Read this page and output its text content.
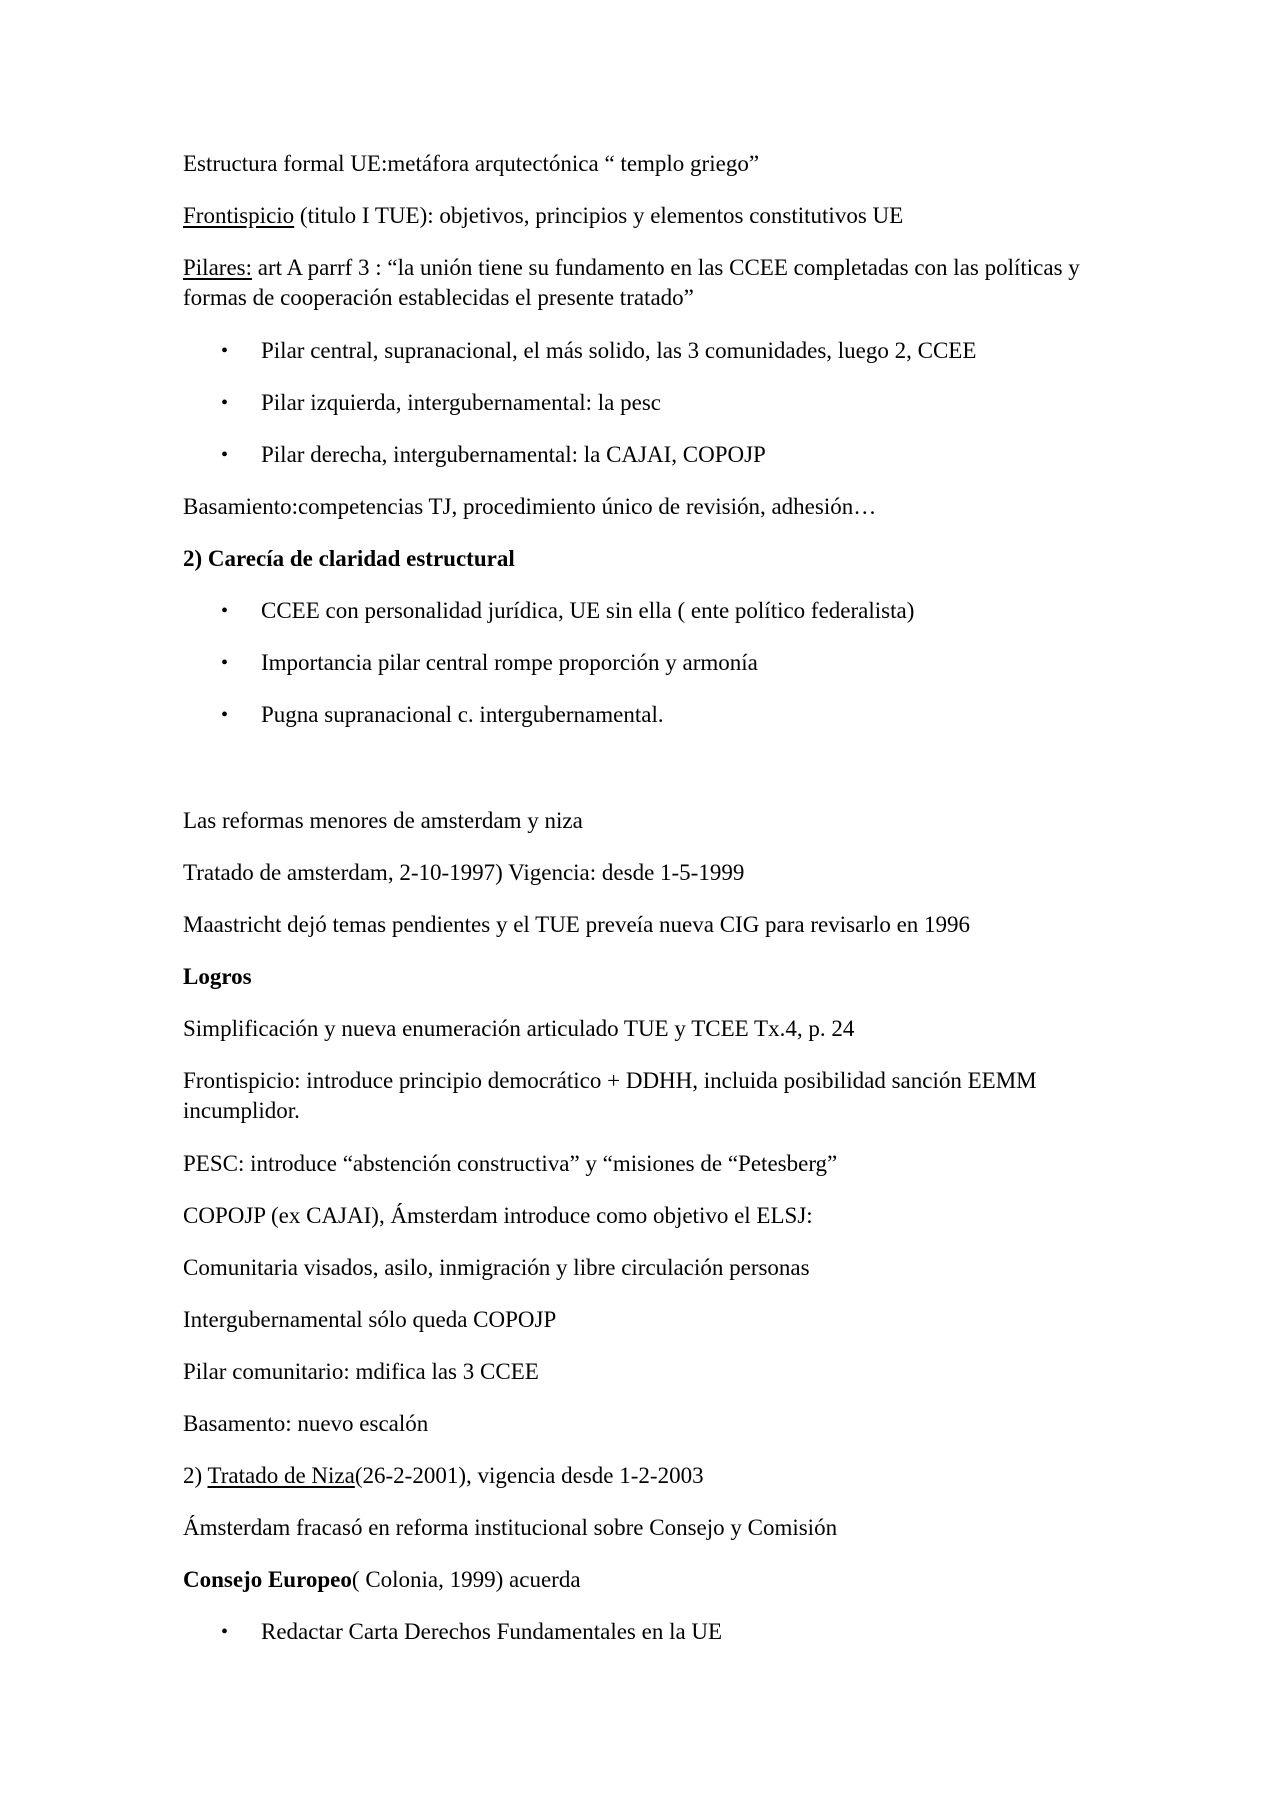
Estructura formal UE:metáfora arqutectónica “ templo griego”

Frontispicio (titulo I TUE): objetivos, principios y elementos constitutivos UE

Pilares: art A parrf 3 : “la unión tiene su fundamento en las CCEE completadas con las políticas y formas de cooperación establecidas el presente tratado”

• Pilar central, supranacional, el más solido, las 3 comunidades, luego 2, CCEE
• Pilar izquierda, intergubernamental: la pesc
• Pilar derecha, intergubernamental: la CAJAI, COPOJP

Basamiento:competencias TJ, procedimiento único de revisión, adhesión…

2) Carecía de claridad estructural

• CCEE con personalidad jurídica, UE sin ella ( ente político federalista)
• Importancia pilar central rompe proporción y armonía
• Pugna supranacional c. intergubernamental.

Las reformas menores de amsterdam y niza

Tratado de amsterdam, 2-10-1997) Vigencia: desde 1-5-1999

Maastricht dejó temas pendientes y el TUE preveía nueva CIG para revisarlo en 1996

Logros

Simplificación y nueva enumeración articulado TUE y TCEE Tx.4, p. 24

Frontispicio: introduce principio democrático + DDHH, incluida posibilidad sanción EEMM incumplidor.

PESC: introduce “abstención constructiva” y “misiones de “Petesberg”

COPOJP (ex CAJAI), Ámsterdam introduce como objetivo el ELSJ:

Comunitaria visados, asilo, inmigración y libre circulación personas

Intergubernamental sólo queda COPOJP

Pilar comunitario: mdifica las 3 CCEE

Basamento: nuevo escalón

2) Tratado de Niza(26-2-2001), vigencia desde 1-2-2003

Ámsterdam fracasó en reforma institucional sobre Consejo y Comisión

Consejo Europeo( Colonia, 1999) acuerda

• Redactar Carta Derechos Fundamentales en la UE
